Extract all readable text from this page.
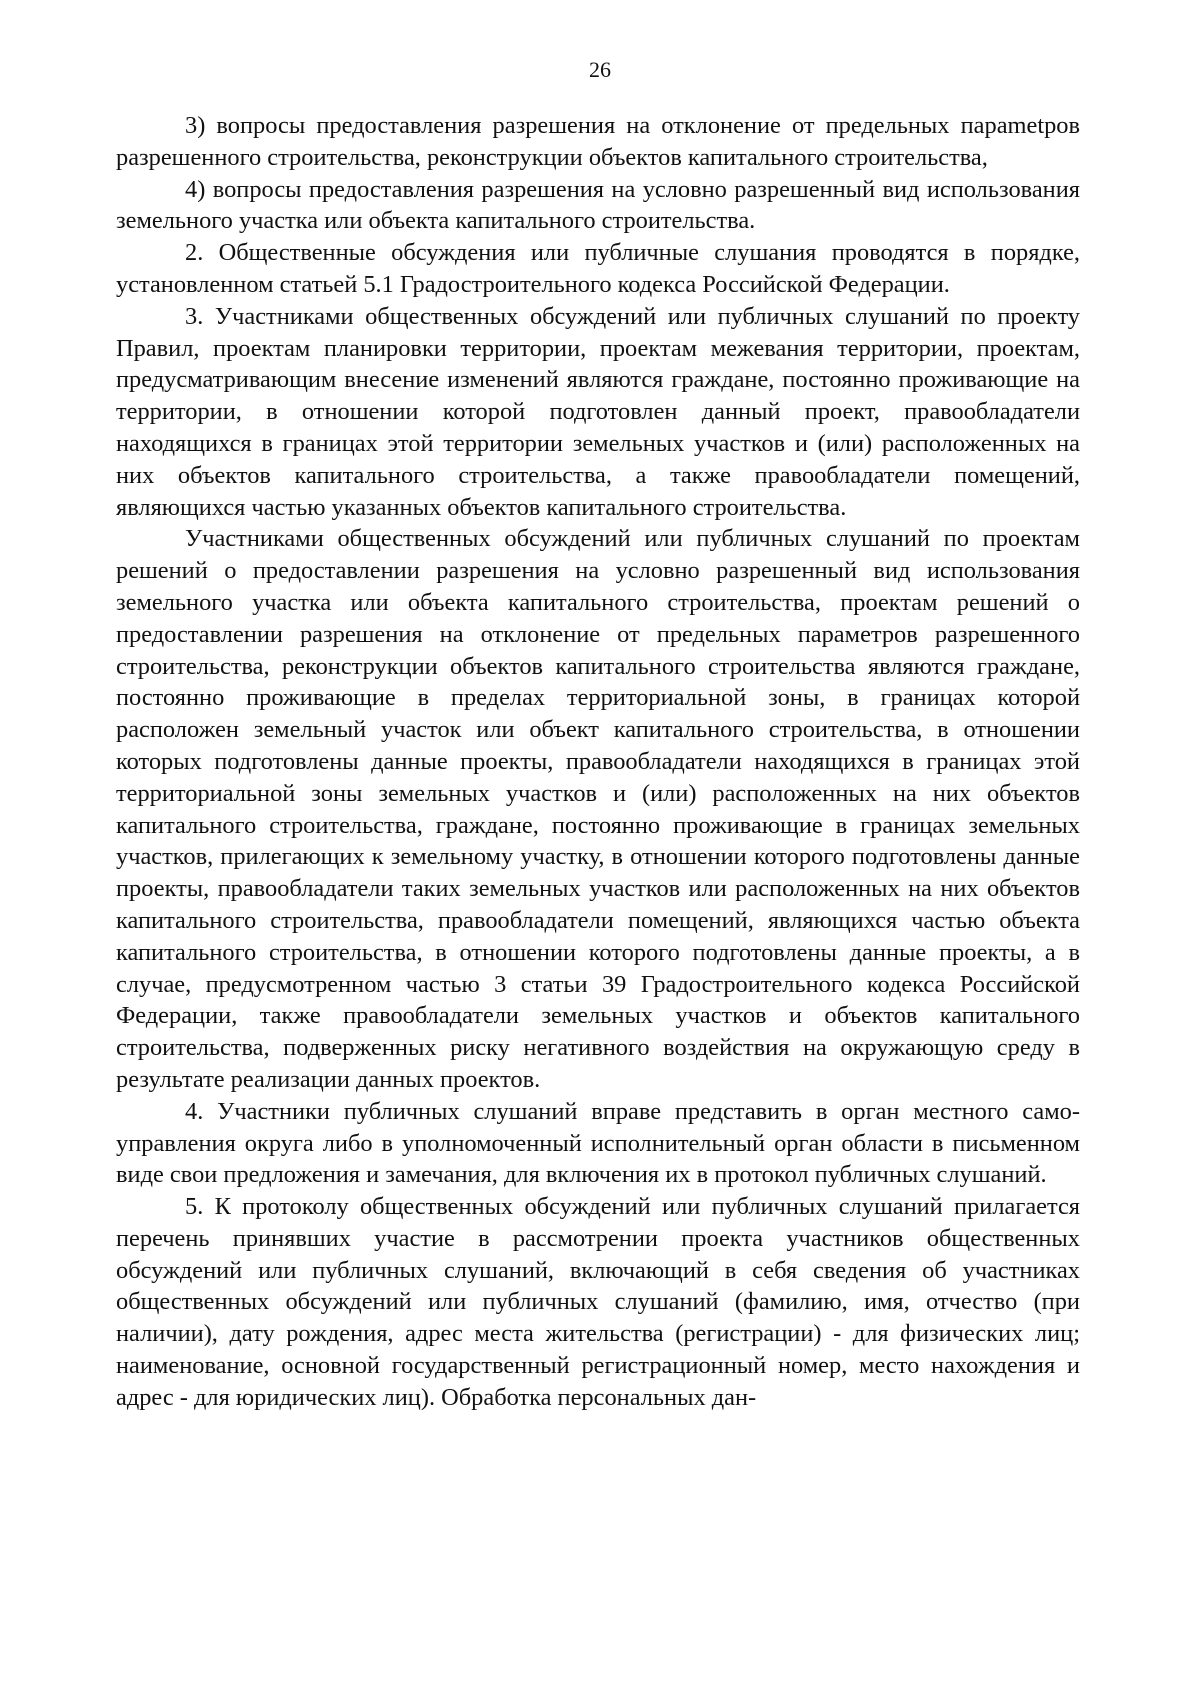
26

3) вопросы предоставления разрешения на отклонение от предельных параmetров разрешенного строительства, реконструкции объектов капитального строительства,

4) вопросы предоставления разрешения на условно разрешенный вид использования земельного участка или объекта капитального строительства.

2. Общественные обсуждения или публичные слушания проводятся в порядке, установленном статьей 5.1 Градостроительного кодекса Российской Федерации.

3. Участниками общественных обсуждений или публичных слушаний по проекту Правил, проектам планировки территории, проектам межевания территории, проектам, предусматривающим внесение изменений являются граждане, постоянно проживающие на территории, в отношении которой подготовлен данный проект, правообладатели находящихся в границах этой территории земельных участков и (или) расположенных на них объектов капитального строительства, а также правообладатели помещений, являющихся частью указанных объектов капитального строительства.

Участниками общественных обсуждений или публичных слушаний по проектам решений о предоставлении разрешения на условно разрешенный вид использования земельного участка или объекта капитального строительства, проектам решений о предоставлении разрешения на отклонение от предельных параметров разрешенного строительства, реконструкции объектов капитального строительства являются граждане, постоянно проживающие в пределах территориальной зоны, в границах которой расположен земельный участок или объект капитального строительства, в отношении которых подготовлены данные проекты, правообладатели находящихся в границах этой территориальной зоны земельных участков и (или) расположенных на них объектов капитального строительства, граждане, постоянно проживающие в границах земельных участков, прилегающих к земельному участку, в отношении которого подготовлены данные проекты, правообладатели таких земельных участков или расположенных на них объектов капитального строительства, правообладатели помещений, являющихся частью объекта капитального строительства, в отношении которого подготовлены данные проекты, а в случае, предусмотренном частью 3 статьи 39 Градостроительного кодекса Российской Федерации, также правообладатели земельных участков и объектов капитального строительства, подверженных риску негативного воздействия на окружающую среду в результате реализации данных проектов.

4. Участники публичных слушаний вправе представить в орган местного самоуправления округа либо в уполномоченный исполнительный орган области в письменном виде свои предложения и замечания, для включения их в протокол публичных слушаний.

5. К протоколу общественных обсуждений или публичных слушаний прилагается перечень принявших участие в рассмотрении проекта участников общественных обсуждений или публичных слушаний, включающий в себя сведения об участниках общественных обсуждений или публичных слушаний (фамилию, имя, отчество (при наличии), дату рождения, адрес места жительства (регистрации) - для физических лиц; наименование, основной государственный регистрационный номер, место нахождения и адрес - для юридических лиц). Обработка персональных дан-
